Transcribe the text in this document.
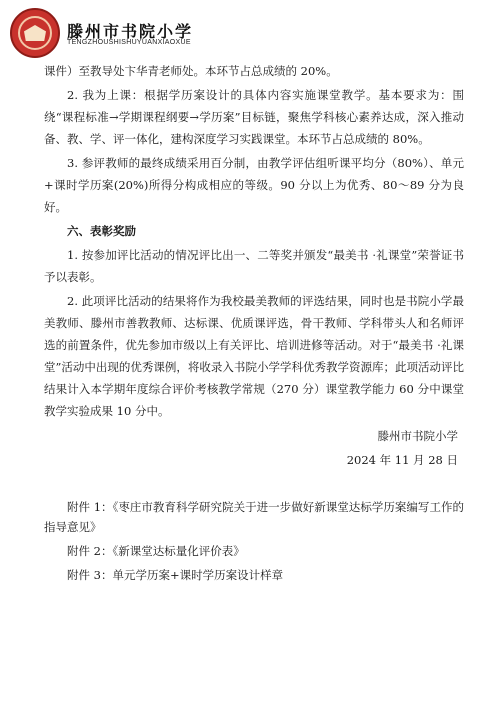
滕州市书院小学
TENGZHOUSHISHUYUANXIAOXUE

课件）至教导处卞华青老师处。本环节占总成绩的 20%。

2. 我为上课：根据学历案设计的具体内容实施课堂教学。基本要求为：围绕“课程标准→学期课程纲要→学历案”目标链，聚焦学科核心素养达成，深入推动备、教、学、评一体化，建构深度学习实践课堂。本环节占总成绩的 80%。

3. 参评教师的最终成绩采用百分制，由教学评估组听课平均分（80%）、单元+课时学历案(20%)所得分构成相应的等级。90 分以上为优秀、80～89 分为良好。

六、表彰奖励

1. 按参加评比活动的情况评比出一、二等奖并颁发“最美书 ·礼课堂”荣誉证书予以表彰。

2. 此项评比活动的结果将作为我校最美教师的评选结果，同时也是书院小学最美教师、滕州市善教教师、达标课、优质课评选，骨干教师、学科带头人和名师评选的前置条件，优先参加市级以上有关评比、培训进修等活动。对于“最美书 ·礼课堂”活动中出现的优秀课例，将收录入书院小学学科优秀教学资源库；此项活动评比结果计入本学期年度综合评价考核教学常规（270 分）课堂教学能力 60 分中课堂教学实验成果 10 分中。

滕州市书院小学
2024 年 11 月 28 日

附件 1：《枣庄市教育科学研究院关于进一步做好新课堂达标学历案编写工作的指导意见》

附件 2：《新课堂达标量化评价表》

附件 3：单元学历案+课时学历案设计样章
